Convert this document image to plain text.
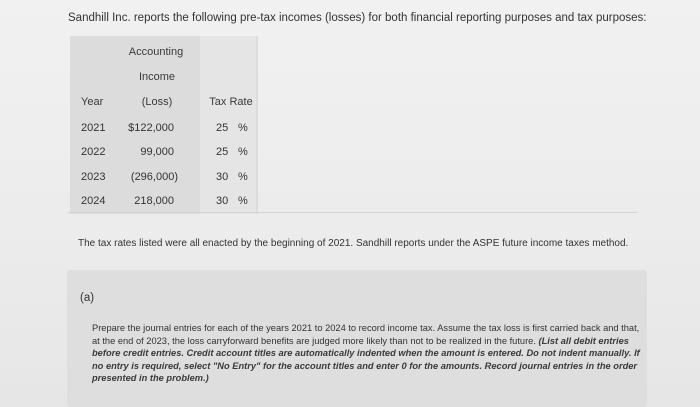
Sandhill Inc. reports the following pre-tax incomes (losses) for both financial reporting purposes and tax purposes:
Accounting
Income
Year	(Loss)	Tax Rate
2021	$122,000	25 %
2022	99,000	25 %
2023	(296,000)	30 %
2024	218,000	30 %
The tax rates listed were all enacted by the beginning of 2021. Sandhill reports under the ASPE future income taxes method.
(a)
Prepare the journal entries for each of the years 2021 to 2024 to record income tax. Assume the tax loss is first carried back and that, at the end of 2023, the loss carryforward benefits are judged more likely than not to be realized in the future. (List all debit entries before credit entries. Credit account titles are automatically indented when the amount is entered. Do not indent manually. If no entry is required, select "No Entry" for the account titles and enter 0 for the amounts. Record journal entries in the order presented in the problem.)
